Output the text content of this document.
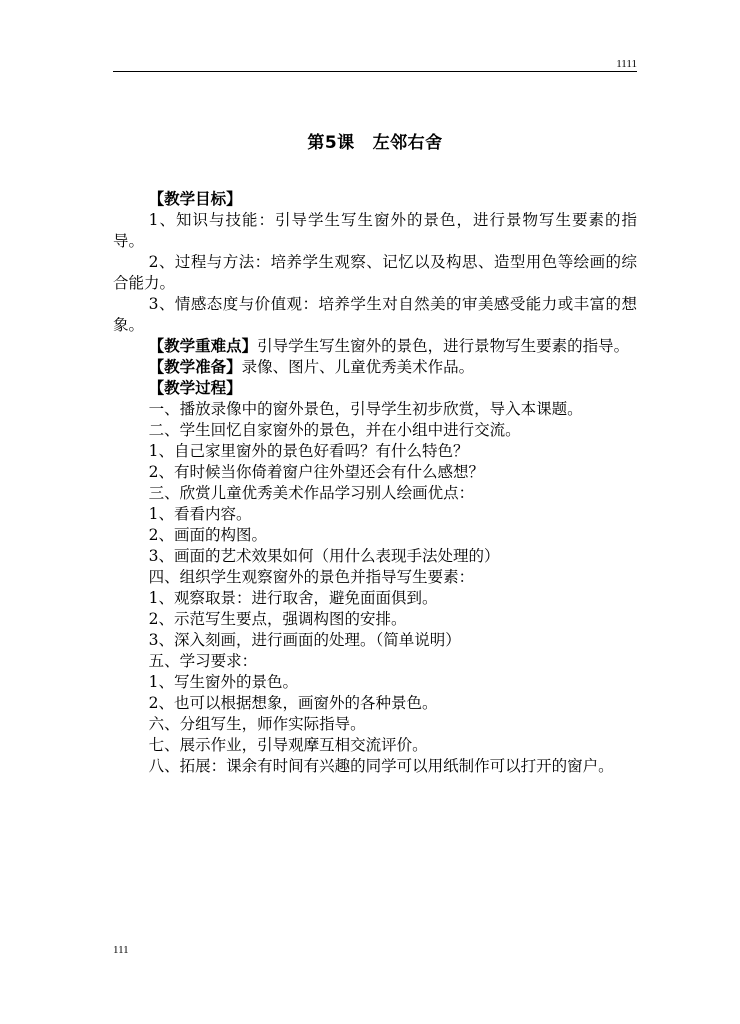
1111
第5课 左邻右舍

【教学目标】

1、知识与技能：引导学生写生窗外的景色，进行景物写生要素的指导。

2、过程与方法：培养学生观察、记忆以及构思、造型用色等绘画的综合能力。

3、情感态度与价值观：培养学生对自然美的审美感受能力或丰富的想象。

【教学重难点】引导学生写生窗外的景色，进行景物写生要素的指导。

【教学准备】录像、图片、儿童优秀美术作品。

【教学过程】

一、播放录像中的窗外景色，引导学生初步欣赏，导入本课题。

二、学生回忆自家窗外的景色，并在小组中进行交流。

1、自己家里窗外的景色好看吗？有什么特色？

2、有时候当你倚着窗户往外望还会有什么感想？

三、欣赏儿童优秀美术作品学习别人绘画优点：

1、看看内容。

2、画面的构图。

3、画面的艺术效果如何（用什么表现手法处理的）

四、组织学生观察窗外的景色并指导写生要素：

1、观察取景：进行取舍，避免面面俱到。

2、示范写生要点，强调构图的安排。

3、深入刻画，进行画面的处理。（简单说明）

五、学习要求：

1、写生窗外的景色。

2、也可以根据想象，画窗外的各种景色。

六、分组写生，师作实际指导。

七、展示作业，引导观摩互相交流评价。

八、拓展：课余有时间有兴趣的同学可以用纸制作可以打开的窗户。

111
